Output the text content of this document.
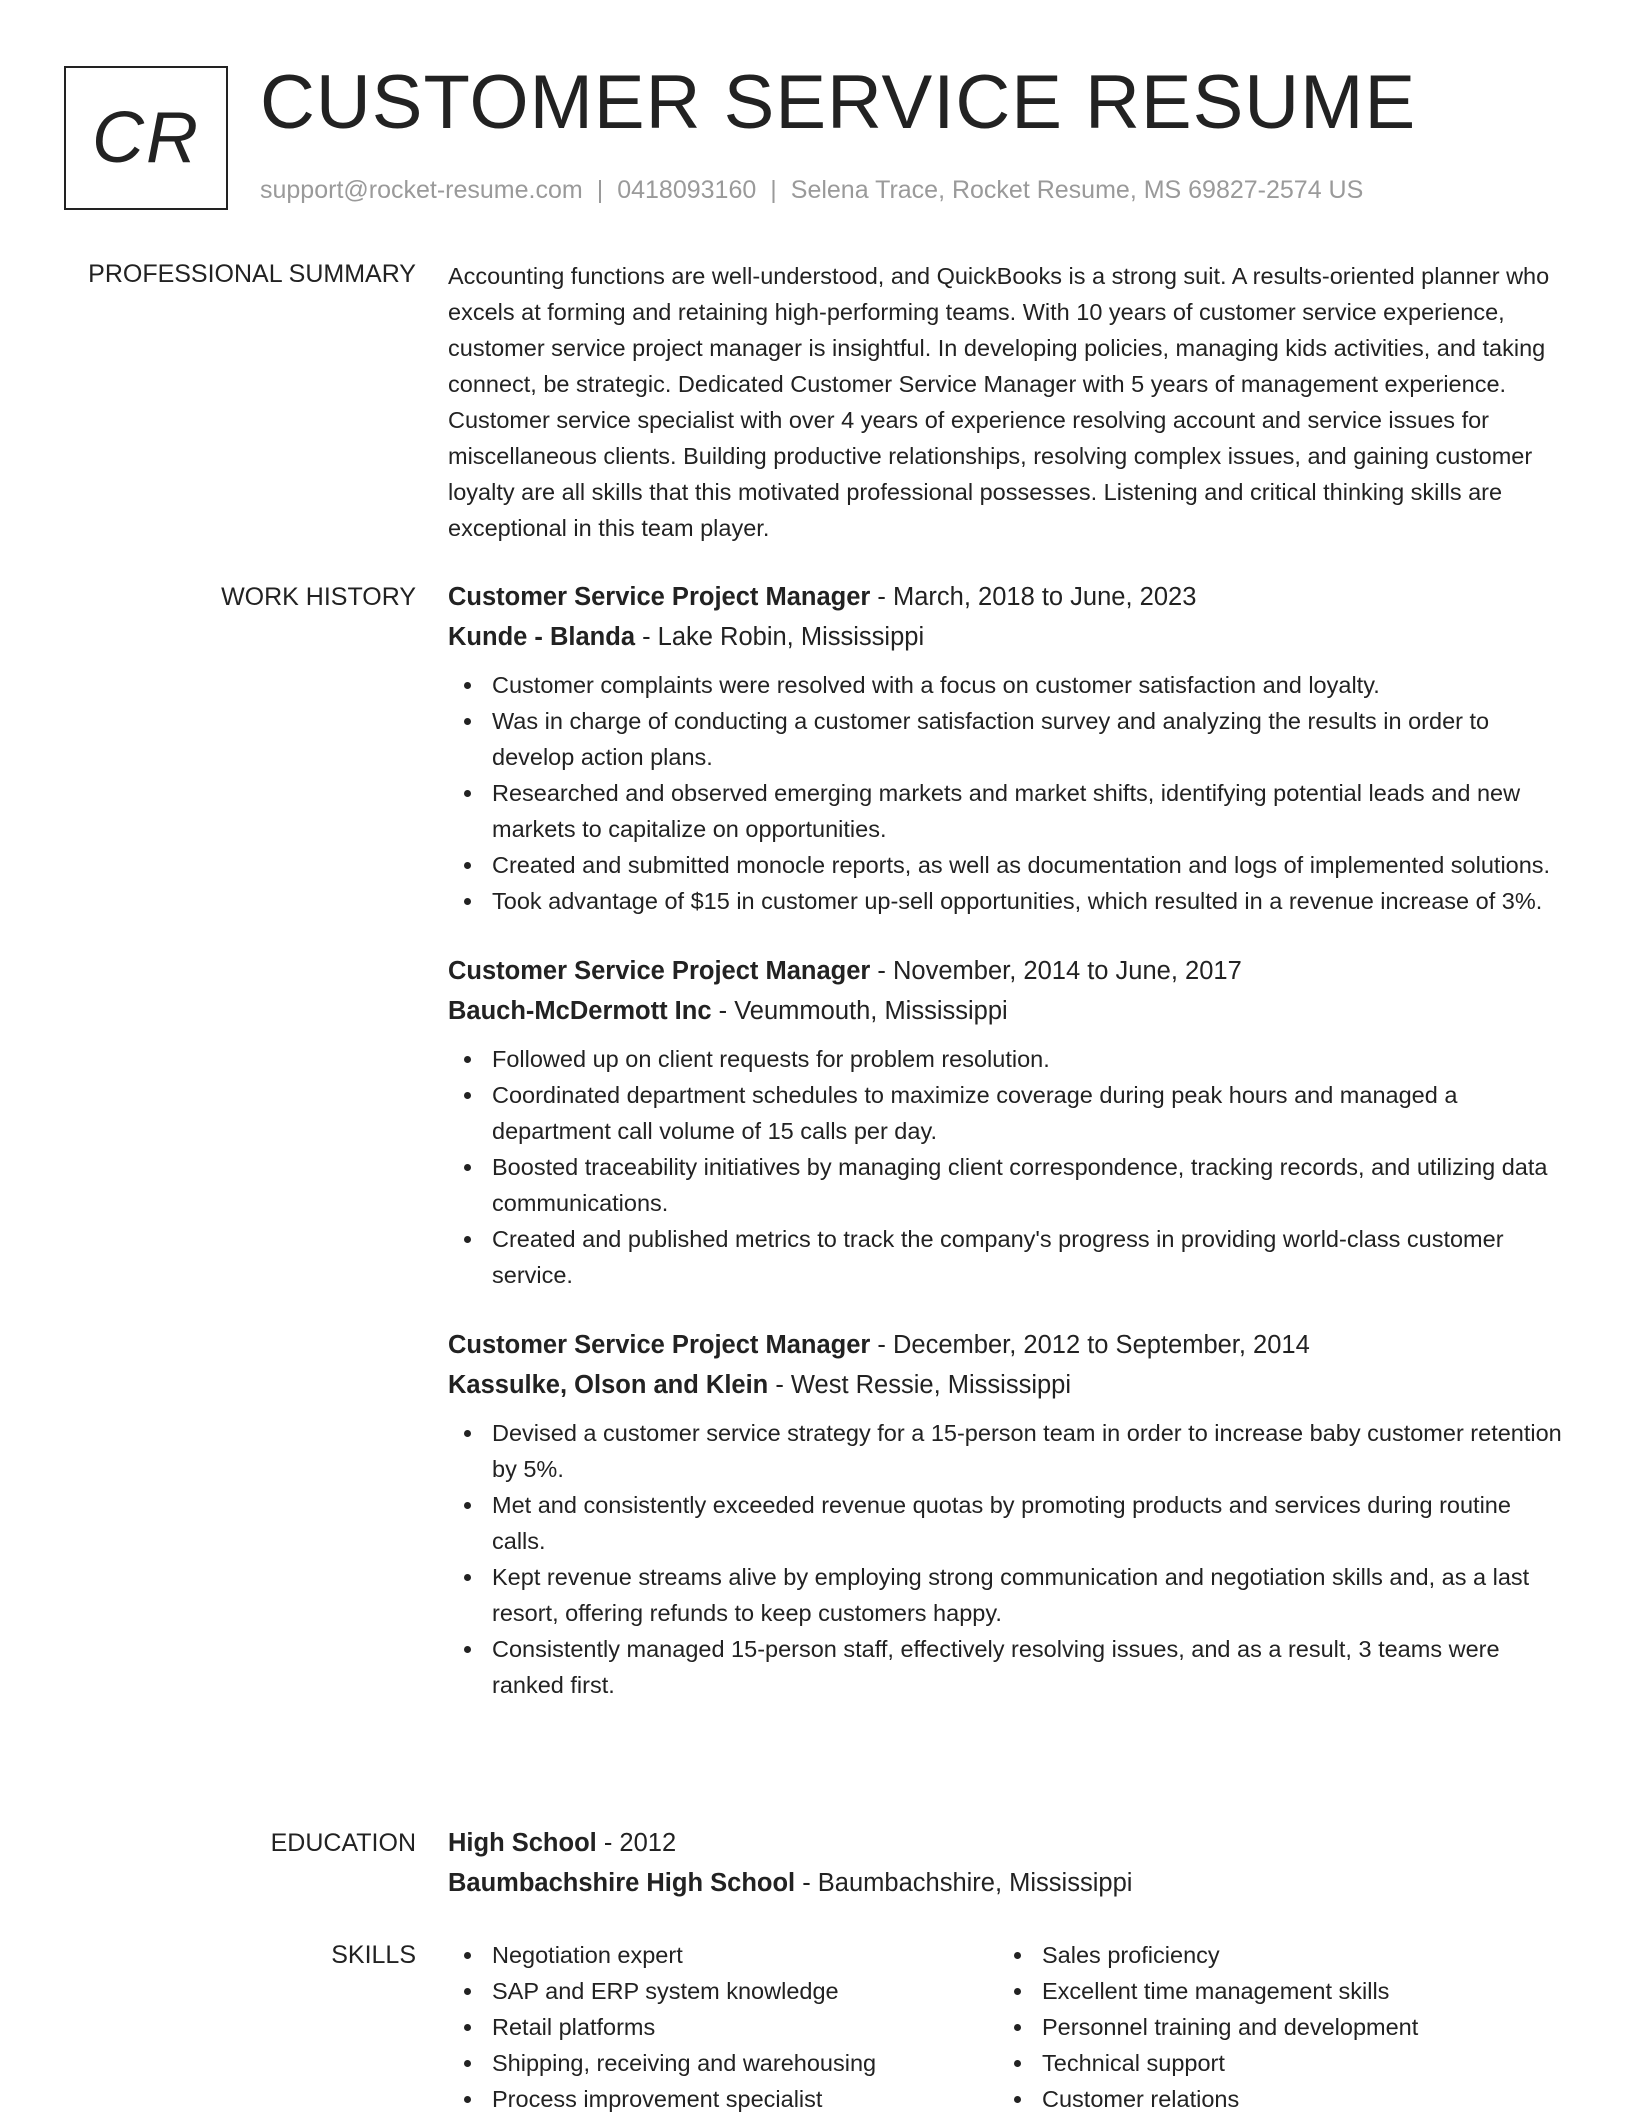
CR CUSTOMER SERVICE RESUME
support@rocket-resume.com | 0418093160 | Selena Trace, Rocket Resume, MS 69827-2574 US
PROFESSIONAL SUMMARY Accounting functions are well-understood, and QuickBooks is a strong suit. A results-oriented planner who excels at forming and retaining high-performing teams. With 10 years of customer service experience, customer service project manager is insightful. In developing policies, managing kids activities, and taking connect, be strategic. Dedicated Customer Service Manager with 5 years of management experience. Customer service specialist with over 4 years of experience resolving account and service issues for miscellaneous clients. Building productive relationships, resolving complex issues, and gaining customer loyalty are all skills that this motivated professional possesses. Listening and critical thinking skills are exceptional in this team player.

WORK HISTORY Customer Service Project Manager - March, 2018 to June, 2023
Kunde - Blanda - Lake Robin, Mississippi
Customer complaints were resolved with a focus on customer satisfaction and loyalty.
Was in charge of conducting a customer satisfaction survey and analyzing the results in order to develop action plans.
Researched and observed emerging markets and market shifts, identifying potential leads and new markets to capitalize on opportunities.
Created and submitted monocle reports, as well as documentation and logs of implemented solutions.
Took advantage of $15 in customer up-sell opportunities, which resulted in a revenue increase of 3%.
Customer Service Project Manager - November, 2014 to June, 2017
Bauch-McDermott Inc - Veummouth, Mississippi
Followed up on client requests for problem resolution.
Coordinated department schedules to maximize coverage during peak hours and managed a department call volume of 15 calls per day.
Boosted traceability initiatives by managing client correspondence, tracking records, and utilizing data communications.
Created and published metrics to track the company's progress in providing world-class customer service.
Customer Service Project Manager - December, 2012 to September, 2014
Kassulke, Olson and Klein - West Ressie, Mississippi
Devised a customer service strategy for a 15-person team in order to increase baby customer retention by 5%.
Met and consistently exceeded revenue quotas by promoting products and services during routine calls.
Kept revenue streams alive by employing strong communication and negotiation skills and, as a last resort, offering refunds to keep customers happy.
Consistently managed 15-person staff, effectively resolving issues, and as a result, 3 teams were ranked first.
EDUCATION High School - 2012
Baumbachshire High School - Baumbachshire, Mississippi
SKILLS	Negotiation expert
SAP and ERP system knowledge
Retail platforms
Shipping, receiving and warehousing
Process improvement specialist
Sales proficiency
Excellent time management skills
Personnel training and development
Technical support
Customer relations
